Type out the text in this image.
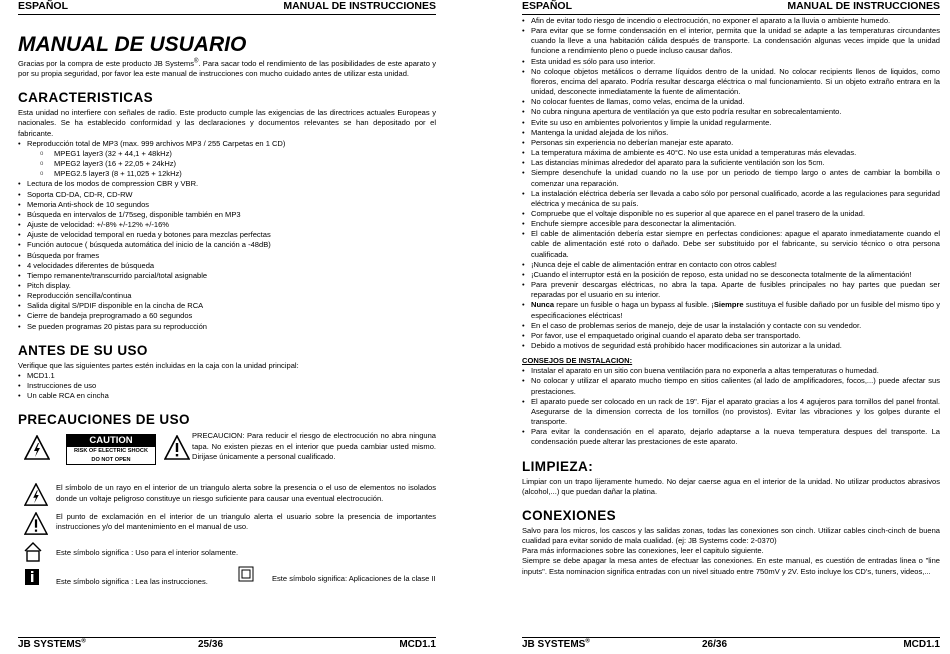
ESPAÑOL	MANUAL DE INSTRUCCIONES
MANUAL DE USUARIO

Gracias por la compra de este producto JB Systems®. Para sacar todo el rendimiento de las posibilidades de este aparato y por su propia seguridad, por favor lea este manual de instrucciones con mucho cuidado antes de utilizar esta unidad.

CARACTERISTICAS

Esta unidad no interfiere con señales de radio. Este producto cumple las exigencias de las directrices actuales Europeas y nacionales. Se ha establecido conformidad y las declaraciones y documentos relevantes se han depositado por el fabricante.

• Reproducción total de MP3 (max. 999 archivos MP3 / 255 Carpetas en 1 CD)
o MPEG1 layer3 (32 + 44,1 + 48kHz)
o MPEG2 layer3 (16 + 22,05 + 24kHz)
o MPEG2.5 layer3 (8 + 11,025 + 12kHz)
• Lectura de los modos de compression CBR y VBR.
• Soporta CD-DA, CD-R, CD-RW
• Memoria Anti-shock de 10 segundos
• Búsqueda en intervalos de 1/75seg, disponible también en MP3
• Ajuste de velocidad: +/-8% +/-12% +/-16%
• Ajuste de velocidad temporal en rueda y botones para mezclas perfectas
• Función autocue ( búsqueda automática del inicio de la canción a -48dB)
• Búsqueda por frames
• 4 velocidades diferentes de búsqueda
• Tiempo remanente/transcurrido parcial/total asignable
• Pitch display.
• Reproducción sencilla/continua
• Salida digital S/PDIF disponible en la cincha de RCA
• Cierre de bandeja preprogramado a 60 segundos
• Se pueden programas 20 pistas para su reproducción
ANTES DE SU USO

Verifique que las siguientes partes estén incluidas en la caja con la unidad principal:

• MCD1.1
• Instrucciones de uso
• Un cable RCA en cincha
PRECAUCIONES DE USO
CAUTION
RISK OF ELECTRIC SHOCK
DO NOT OPEN

PRECAUCION: Para reducir el riesgo de electrocución no abra ninguna tapa. No existen piezas en el interior que pueda cambiar usted mismo. Dirijase únicamente a personal cualificado.

El símbolo de un rayo en el interior de un triangulo alerta sobre la presencia o el uso de elementos no isolados donde un voltaje peligroso constituye un riesgo suficiente para causar una eventual electrocución.

El punto de exclamación en el interior de un triangulo alerta el usuario sobre la presencia de importantes instrucciones y/o del mantenimiento en el manual de uso.

Este símbolo significa : Uso para el interior solamente.
Este símbolo significa : Lea las instrucciones.	Este símbolo significa: Aplicaciones de la clase II
JB SYSTEMS®	25/36	MCD1.1
ESPAÑOL	MANUAL DE INSTRUCCIONES
• Afin de evitar todo riesgo de incendio o electrocución, no exponer el aparato a la lluvia o ambiente humedo.
• Para evitar que se forme condensación en el interior, permita que la unidad se adapte a las temperaturas circundantes cuando la lleve a una habitación cálida después de transporte. La condensación algunas veces impide que la unidad funcione a rendimiento pleno o puede incluso causar daños.
• Esta unidad es sólo para uso interior.
• No coloque objetos metálicos o derrame líquidos dentro de la unidad. No colocar recipients llenos de liquidos, como floreros, encima del aparato. Podría resultar descarga eléctrica o mal funcionamiento. Si un objeto extraño entrara en la unidad, desconecte inmediatamente la fuente de alimentación.
• No colocar fuentes de llamas, como velas, encima de la unidad.
• No cubra ninguna apertura de ventilación ya que esto podría resultar en sobrecalentamiento.
• Evite su uso en ambientes polvorientos y limpie la unidad regularmente.
• Mantenga la unidad alejada de los niños.
• Personas sin experiencia no deberían manejar este aparato.
• La temperatura máxima de ambiente es 40°C. No use esta unidad a temperaturas más elevadas.
• Las distancias mínimas alrededor del aparato para la suficiente ventilación son los 5cm.
• Siempre desenchufe la unidad cuando no la use por un periodo de tiempo largo o antes de cambiar la bombilla o comenzar una reparación.
• La instalación eléctrica debería ser llevada a cabo sólo por personal cualificado, acorde a las regulaciones para seguridad eléctrica y mecánica de su país.
• Compruebe que el voltaje disponible no es superior al que aparece en el panel trasero de la unidad.
• Enchufe siempre accesible para desconectar la alimentación.
• El cable de alimentación debería estar siempre en perfectas condiciones: apague el aparato inmediatamente cuando el cable de alimentación esté roto o dañado. Debe ser substituido por el fabricante, su servicio técnico o otra persona cualificada.
• ¡Nunca deje el cable de alimentación entrar en contacto con otros cables!
• ¡Cuando el interruptor está en la posición de reposo, esta unidad no se desconecta totalmente de la alimentación!
• Para prevenir descargas eléctricas, no abra la tapa. Aparte de fusibles principales no hay partes que puedan ser reparadas por el usuario en su interior.
• Nunca repare un fusible o haga un bypass al fusible. ¡Siempre sustituya el fusible dañado por un fusible del mismo tipo y especificaciones eléctricas!
• En el caso de problemas serios de manejo, deje de usar la instalación y contacte con su vendedor.
• Por favor, use el empaquetado original cuando el aparato deba ser transportado.
• Debido a motivos de seguridad está prohibido hacer modificaciones sin autorizar a la unidad.
CONSEJOS DE INSTALACION:
• Instalar el aparato en un sitio con buena ventilación para no exponerla a altas temperaturas o humedad.
• No colocar y utilizar el aparato mucho tiempo en sitios calientes (al lado de amplificadores, focos,...) puede afectar sus prestaciones.
• El aparato puede ser colocado en un rack de 19". Fijar el aparato gracias a los 4 agujeros para tornillos del panel frontal. Asegurarse de la dimension correcta de los tornillos (no provistos). Evitar las vibraciones y los golpes durante el transporte.
• Para evitar la condensación en el aparato, dejarlo adaptarse a la nueva temperatura despues del transporte. La condensación puede alterar las prestaciones de este aparato.
LIMPIEZA:

Limpiar con un trapo lijeramente humedo. No dejar caerse agua en el interior de la unidad. No utilizar productos abrasivos (alcohol,...) que puedan dañar la platina.

CONEXIONES

Salvo para los micros, los cascos y las salidas zonas, todas las conexiones son cinch. Utilizar cables cinch-cinch de buena cualidad para evitar sonido de mala cualidad. (ej: JB Systems code: 2-0370)

Para más informaciones sobre las conexiones, leer el capitulo siguiente.

Siempre se debe apagar la mesa antes de efectuar las conexiones. En este manual, es cuestión de entradas linea o "line inputs". Esta nominacion significa entradas con un nivel situado entre 750mV y 2V. Esto incluye los CD's, tuners, videos,...

JB SYSTEMS®	26/36	MCD1.1
